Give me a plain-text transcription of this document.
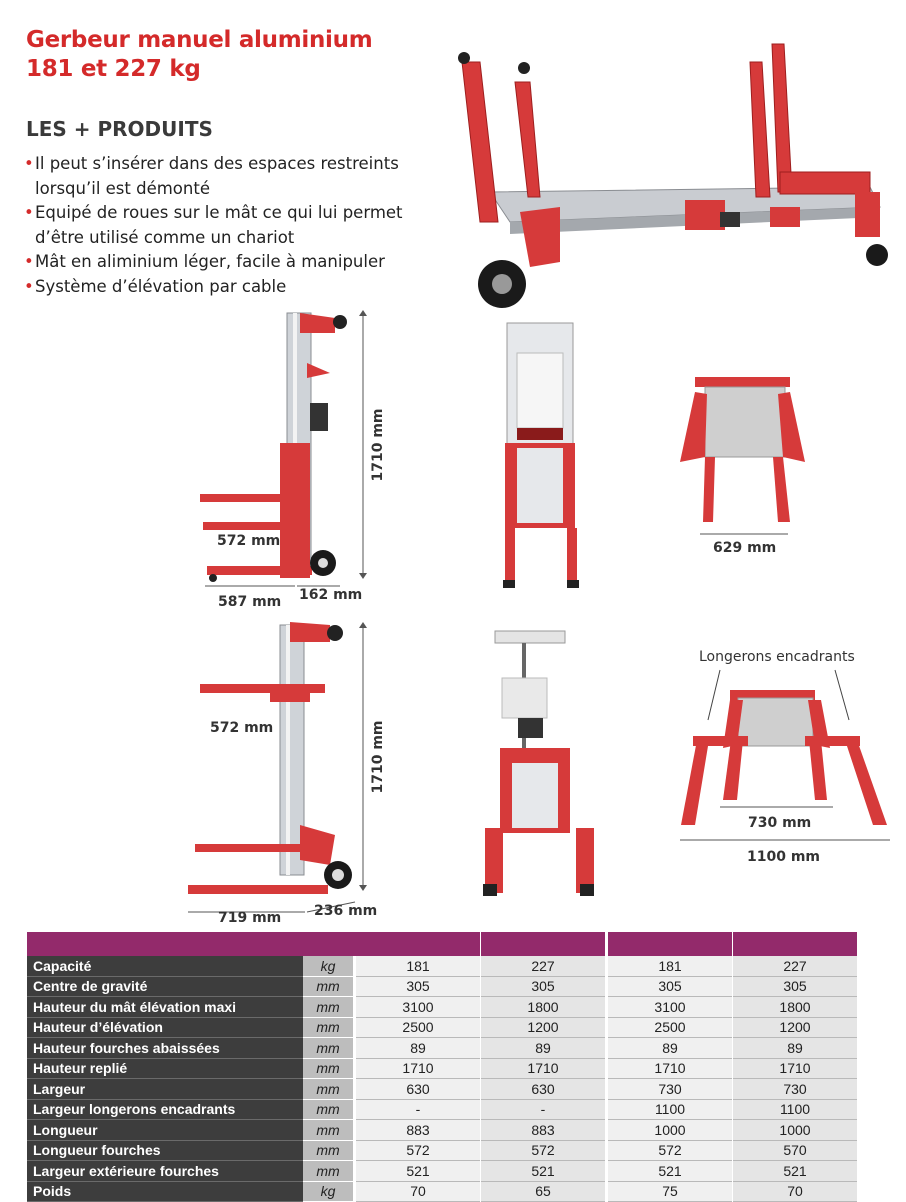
Gerbeur manuel aluminium
181 et 227 kg
LES + PRODUITS
• Il peut s’insérer dans des espaces restreints
lorsqu’il est démonté
• Equipé de roues sur le mât ce qui lui permet
d’être utilisé comme un chariot
• Mât en aliminium léger, facile à manipuler
• Système d’élévation par cable
1710 mm
572 mm
587 mm 162 mm
629 mm
1710 mm
572 mm
719 mm 236 mm
Longerons encadrants
730 mm
1100 mm

Capacité	kg		181		227		181		227
Centre de gravité	mm		305		305		305		305
Hauteur du mât élévation maxi	mm		3100		1800		3100		1800
Hauteur d’élévation	mm		2500		1200		2500		1200
Hauteur fourches abaissées	mm		89		89		89		89
Hauteur replié	mm		1710		1710		1710		1710
Largeur	mm		630		630		730		730
Largeur longerons encadrants	mm		-		-		1100		1100
Longueur	mm		883		883		1000		1000
Longueur fourches	mm		572		572		572		570
Largeur extérieure fourches	mm		521		521		521		521
Poids	kg		70		65		75		70
